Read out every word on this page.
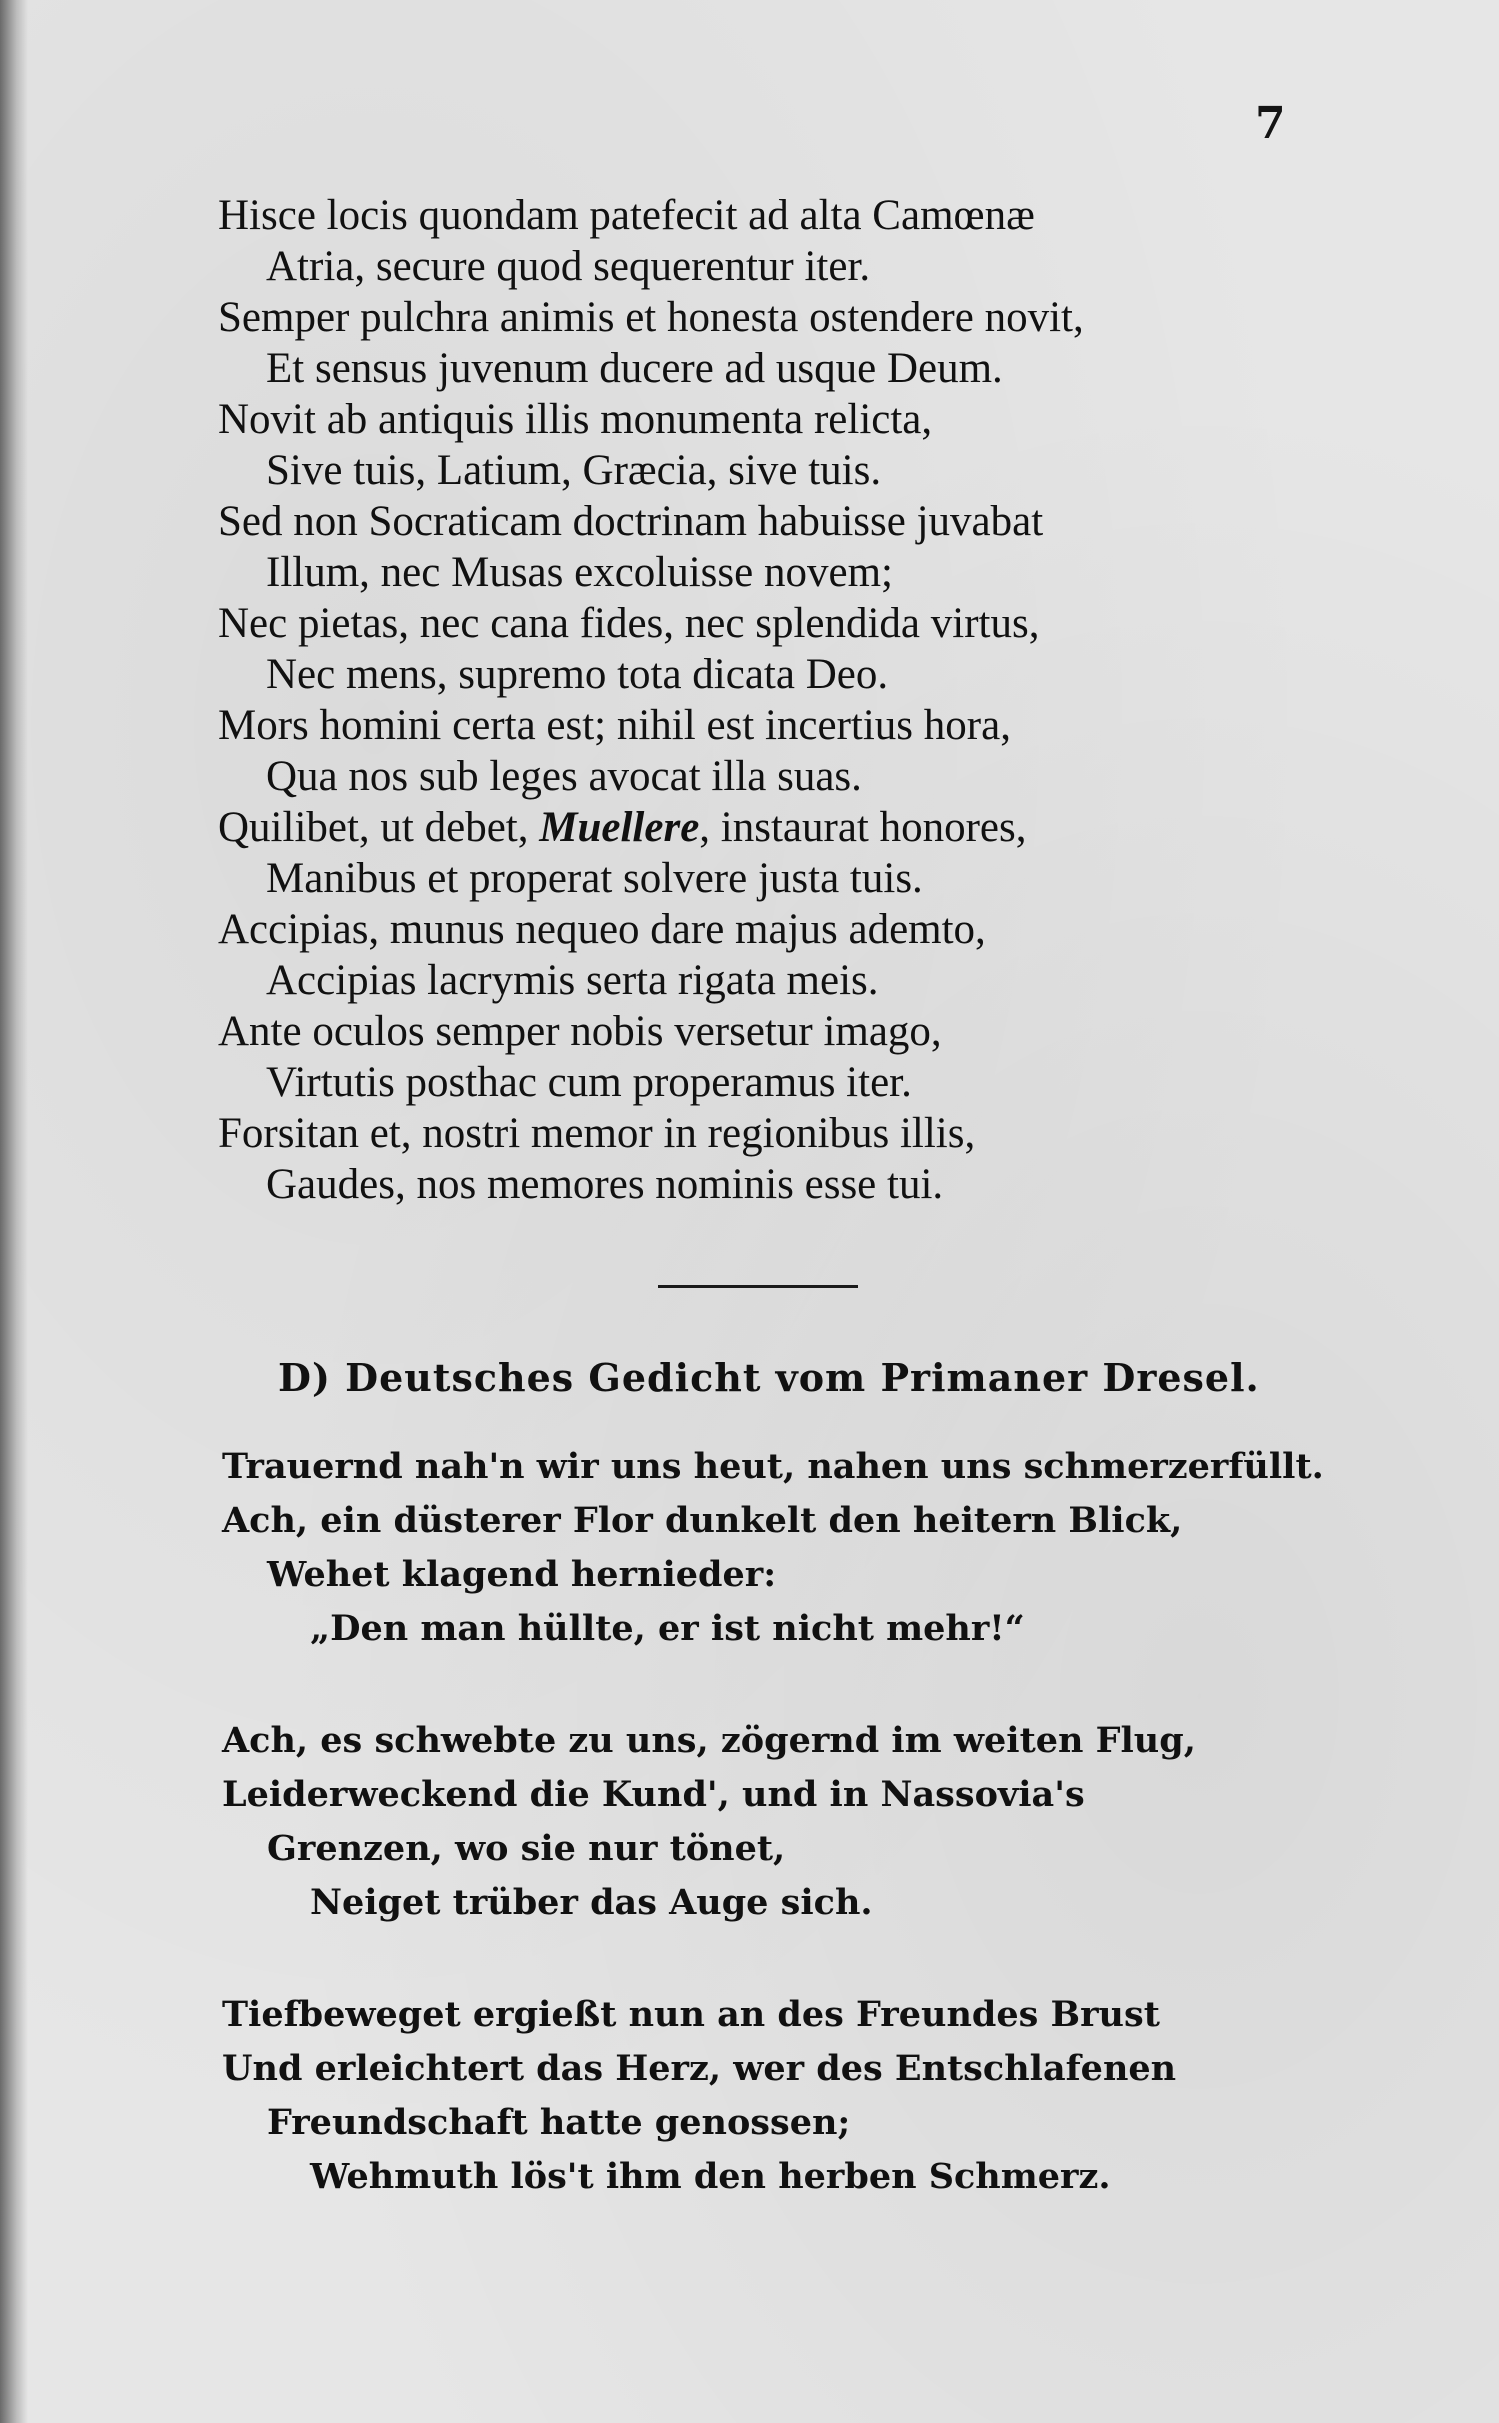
7
Hisce locis quondam patefecit ad alta Camœnæ
Atria, secure quod sequerentur iter.
Semper pulchra animis et honesta ostendere novit,
Et sensus juvenum ducere ad usque Deum.
Novit ab antiquis illis monumenta relicta,
Sive tuis, Latium, Græcia, sive tuis.
Sed non Socraticam doctrinam habuisse juvabat
Illum, nec Musas excoluisse novem;
Nec pietas, nec cana fides, nec splendida virtus,
Nec mens, supremo tota dicata Deo.
Mors homini certa est; nihil est incertius hora,
Qua nos sub leges avocat illa suas.
Quilibet, ut debet, Muellere, instaurat honores,
Manibus et properat solvere justa tuis.
Accipias, munus nequeo dare majus ademto,
Accipias lacrymis serta rigata meis.
Ante oculos semper nobis versetur imago,
Virtutis posthac cum properamus iter.
Forsitan et, nostri memor in regionibus illis,
Gaudes, nos memores nominis esse tui.
D) Deutsches Gedicht vom Primaner Dresel.
Trauernd nah'n wir uns heut, nahen uns schmerzerfüllt.
Ach, ein düsterer Flor dunkelt den heitern Blick,
Wehet klagend hernieder:
„Den man hüllte, er ist nicht mehr!“
Ach, es schwebte zu uns, zögernd im weiten Flug,
Leiderweckend die Kund', und in Nassovia's
Grenzen, wo sie nur tönet,
Neiget trüber das Auge sich.
Tiefbeweget ergießt nun an des Freundes Brust
Und erleichtert das Herz, wer des Entschlafenen
Freundschaft hatte genossen;
Wehmuth lös't ihm den herben Schmerz.
